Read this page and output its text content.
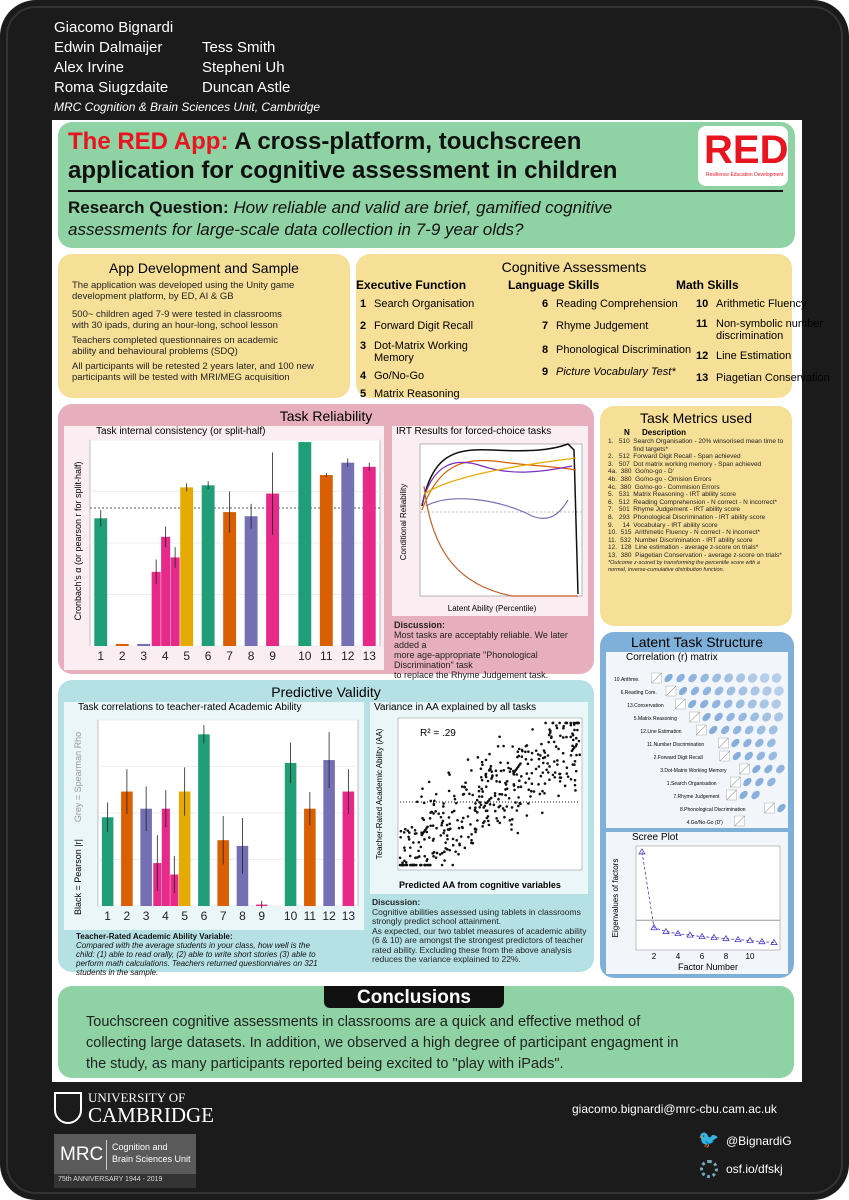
Giacomo Bignardi
Edwin Dalmaijer
Alex Irvine
Roma Siugzdaite
Tess Smith
Stepheni Uh
Duncan Astle
MRC Cognition & Brain Sciences Unit, Cambridge
The RED App: A cross-platform, touchscreen
application for cognitive assessment in children RED
Resilience Education Development
Research Question: How reliable and valid are brief, gamified cognitive
assessments for large-scale data collection in 7-9 year olds?
App Development and Sample
The application was developed using the Unity game
development platform, by ED, AI & GB
500~ children aged 7-9 were tested in classrooms
with 30 ipads, during an hour-long, school lesson
Teachers completed questionnaires on academic
ability and behavioural problems (SDQ)
All participants will be retested 2 years later, and 100 new
participants will be tested with MRI/MEG acquisition
Cognitive Assessments
Executive Function	Language Skills	Math Skills
1 Search Organisation
2 Forward Digit Recall
3 Dot-Matrix Working
Memory
4 Go/No-Go
5 Matrix Reasoning
6 Reading Comprehension
7 Rhyme Judgement
8 Phonological Discrimination
9 Picture Vocabulary Test*
10 Arithmetic Fluency
11 Non-symbolic number
discrimination
12 Line Estimation
13 Piagetian Conservation
Task Reliability
Task internal consistency (or split-half)
Cronbach's α (or pearson r for split-half)
1 2 3 4 5 6 7 8 9 10 11 12 13
IRT Results for forced-choice tasks
Latent Ability (Percentile)
Conditional Reliability
Discussion:
Most tasks are acceptably reliable. We later added a
more age-appropriate "Phonological Discrimination" task
to replace the Rhyme Judgement task.
Task Metrics used
N Description
1.   510  Search Organisation - 20% winsorised mean time to
find targets*
2.   512  Forward Digit Recall - Span achieved
3.   507  Dot matrix working memory - Span achieved
4a.  380  Go/no-go - D'
4b.  380  Go/no-go - Omision Errors
4c.  380  Go/no-go - Commision Errors
5.   531  Matrix Reasoning - IRT ability score
6.   512  Reading Comprehension - N correct - N incorrect*
7.   501  Rhyme Judgement - IRT ability score
8.   293  Phonological Discrimination - IRT ability score
9.     14  Vocabulary - IRT ability score
10.  515  Arithmetic Fluency - N correct - N incorrect*
11.  532  Number Discrimination - IRT ability score
12.  128  Line estimation - average z-score on trials*
13.  380  Piagetian Conservation - average z-score on trials*
*Outcome z-scored by transforming the percentile score with a
normal, inverse-cumulative distribution function.
Latent Task Structure
Correlation (r) matrix
10.Arithme.
6.Reading Com.
13.Conservation
5.Matrix Reasoning
12.Line Estimation
11.Number Discrimination
2.Forward Digit Recall
3.Dot-Matrix Working Memory
1.Search Organisation
7.Rhyme Judgement
8.Phonological Discrimination
4.Go/No-Go (D')
Scree Plot
2 4 6 8 10
Factor Number
Eigenvalues of factors
Predictive Validity
Task correlations to teacher-rated Academic Ability
Grey = Spearman Rho
Black = Pearson |r|
1 2 3 4 5 6 7 8 9 10 11 12 13
Teacher-Rated Academic Ability Variable:
Compared with the average students in your class, how well is the
child: (1) able to read orally, (2) able to write short stories (3) able to
perform math calculations. Teachers returned questionnaires on 321
students in the sample.
Variance in AA explained by all tasks
R² = .29
Predicted AA from cognitive variables
Teacher-Rated Academic Ability (AA)
Discussion:
Cognitive abilities assessed using tablets in classrooms
strongly predict school attainment.
As expected, our two tablet measures of academic ability
(6 & 10) are amongst the strongest predictors of teacher
rated ability. Excluding these from the above analysis
reduces the variance explained to 22%.
Conclusions
Touchscreen cognitive assessments in classrooms are a quick and effective method of
collecting large datasets. In addition, we observed a high degree of participant engagment in
the study, as many participants reported being excited to "play with iPads".
UNIVERSITY OF
CAMBRIDGE
MRC Cognition and
Brain Sciences Unit
75th ANNIVERSARY 1944 - 2019
giacomo.bignardi@mrc-cbu.cam.ac.uk
🐦 @BignardiG
osf.io/dfskj
